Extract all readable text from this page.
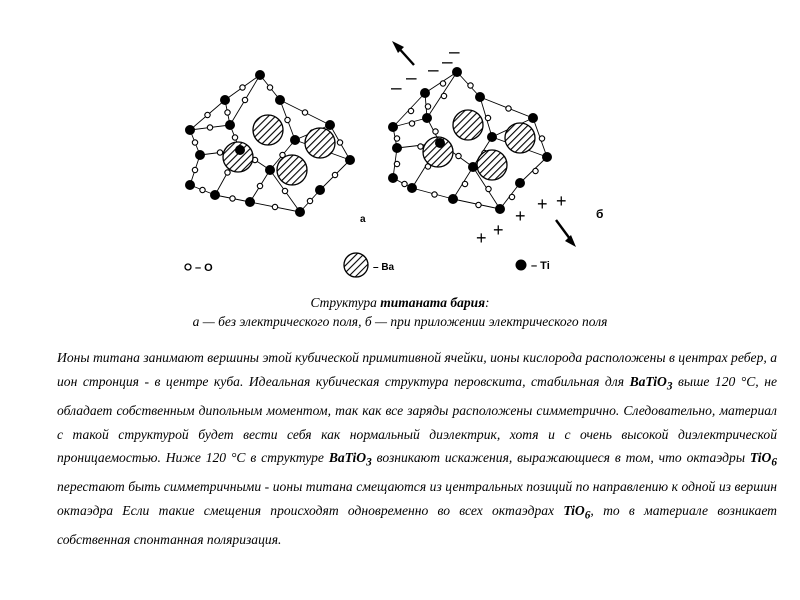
a	б
– – – –
–
+ +
+
+ +
– O	– Ba	– Ti
Структура титаната бария:
а — без электрического поля, б — при приложении электрического поля

Ионы титана занимают вершины этой кубической примитивной ячейки, ионы кислорода расположены в центрах ребер, а ион стронция - в центре куба. Идеальная кубическая структура перовскита, стабильная для BaTiO$_3$ выше 120 °С, не обладает собственным дипольным моментом, так как все заряды расположены симметрично. Следовательно, материал с такой структурой будет вести себя как нормальный диэлектрик, хотя и с очень высокой диэлектрической проницаемостью. Ниже 120 °С в структуре BaTiO$_3$ возникают искажения, выражающиеся в том, что октаэдры TiO$_6$ перестают быть симметричными - ионы титана смещаются из центральных позиций по направлению к одной из вершин октаэдра Если такие смещения происходят одновременно во всех октаэдрах TiO$_6$, то в материале возникает собственная спонтанная поляризация.
